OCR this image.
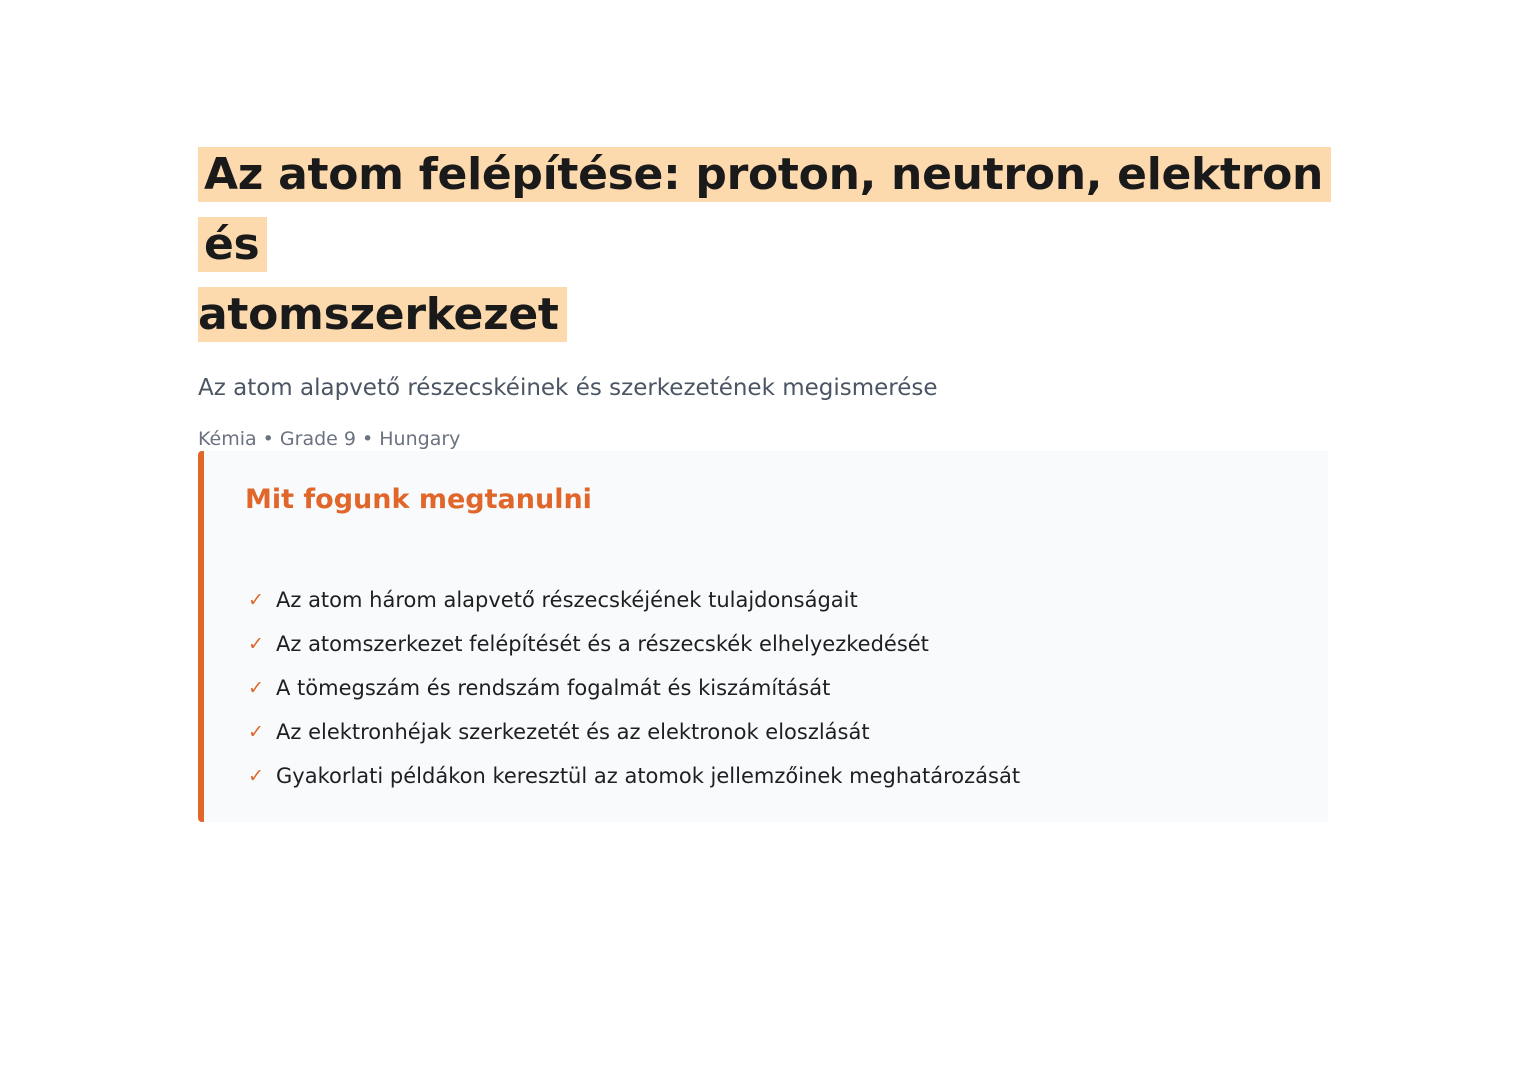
Az atom felépítése: proton, neutron, elektron és
atomszerkezet

Az atom alapvető részecskéinek és szerkezetének megismerése

Kémia • Grade 9 • Hungary

Mit fogunk megtanulni
✓ Az atom három alapvető részecskéjének tulajdonságait
✓ Az atomszerkezet felépítését és a részecskék elhelyezkedését
✓ A tömegszám és rendszám fogalmát és kiszámítását
✓ Az elektronhéjak szerkezetét és az elektronok eloszlását
✓ Gyakorlati példákon keresztül az atomok jellemzőinek meghatározását
